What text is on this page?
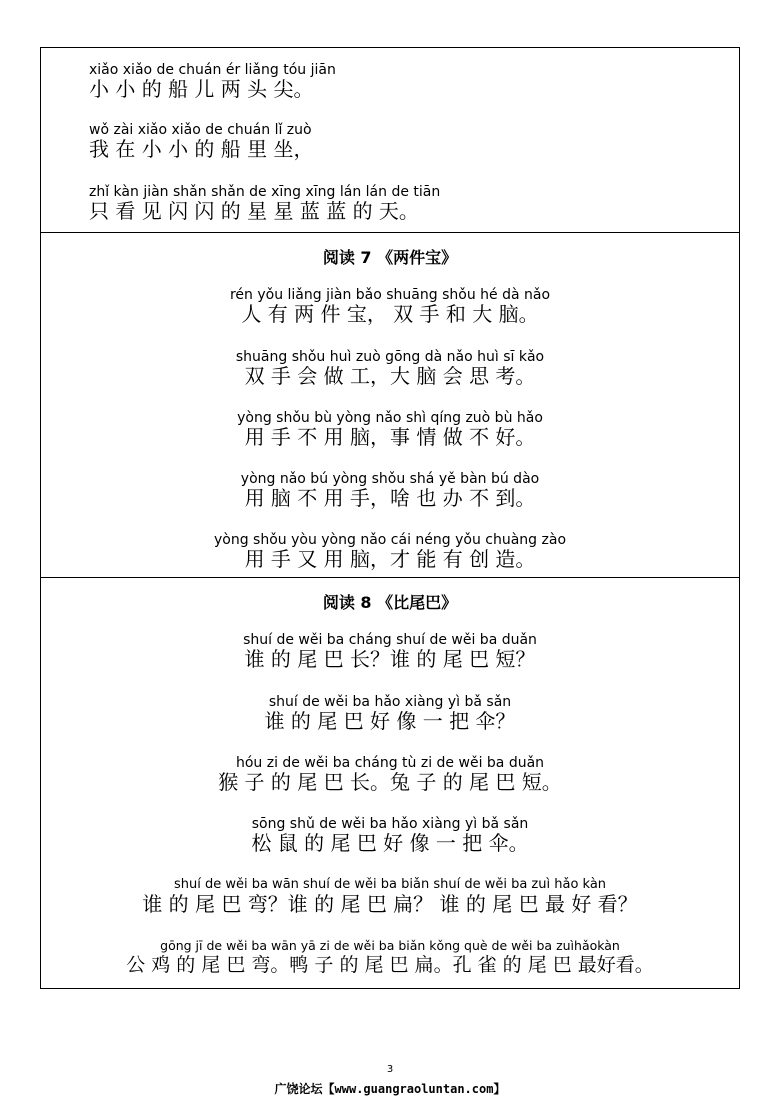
xiǎo xiǎo de chuán ér liǎng tóu jiān
小 小 的 船 儿 两 头 尖。
wǒ zài xiǎo xiǎo de chuán lǐ zuò
我 在 小 小 的 船 里 坐，
zhǐ kàn jiàn shǎn shǎn de xīng xīng lán lán de tiān
只 看 见 闪 闪 的 星 星 蓝 蓝 的 天。
阅读 7 《两件宝》
rén yǒu liǎng jiàn bǎo shuāng shǒu hé dà nǎo
人 有 两 件 宝， 双 手 和 大 脑。
shuāng shǒu huì zuò gōng dà nǎo huì sī kǎo
双 手 会 做 工，大 脑 会 思 考。
yòng shǒu bù yòng nǎo shì qíng zuò bù hǎo
用 手 不 用 脑，事 情 做 不 好。
yòng nǎo bú yòng shǒu shá yě bàn bú dào
用 脑 不 用 手，啥 也 办 不 到。
yòng shǒu yòu yòng nǎo cái néng yǒu chuàng zào
用 手 又 用 脑，才 能 有 创 造。
阅读 8 《比尾巴》
shuí de wěi ba cháng shuí de wěi ba duǎn
谁 的 尾 巴 长？谁 的 尾 巴 短？
shuí de wěi ba hǎo xiàng yì bǎ sǎn
谁 的 尾 巴 好 像 一 把 伞？
hóu zi de wěi ba cháng tù zi de wěi ba duǎn
猴 子 的 尾 巴 长。兔 子 的 尾 巴 短。
sōng shǔ de wěi ba hǎo xiàng yì bǎ sǎn
松 鼠 的 尾 巴 好 像 一 把 伞。
shuí de wěi ba wān shuí de wěi ba biǎn shuí de wěi ba zuì hǎo kàn
谁 的 尾 巴 弯？谁 的 尾 巴 扁？ 谁 的 尾 巴 最 好 看？
gōng jī de wěi ba wān yā zi de wěi ba biǎn kǒng què de wěi ba zuìhǎokàn
公 鸡 的 尾 巴 弯。鸭 子 的 尾 巴 扁。孔 雀 的 尾 巴 最好看。
3
广饶论坛【www.guangraoluntan.com】
